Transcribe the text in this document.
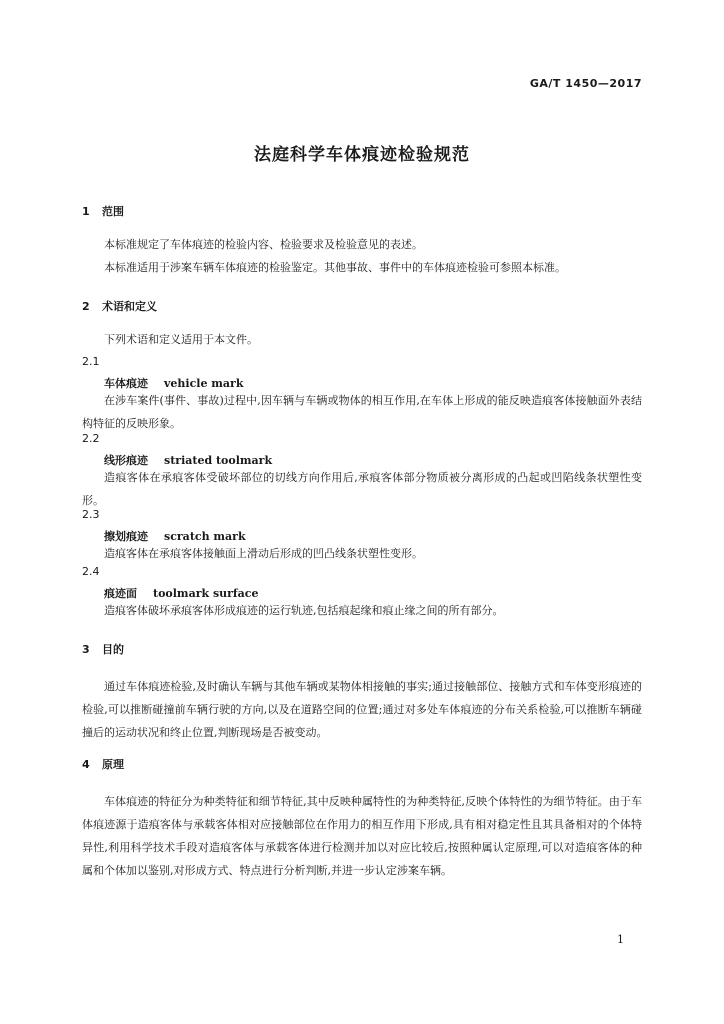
GA/T 1450—2017
法庭科学车体痕迹检验规范
1 范围
本标准规定了车体痕迹的检验内容、检验要求及检验意见的表述。
本标准适用于涉案车辆车体痕迹的检验鉴定。其他事故、事件中的车体痕迹检验可参照本标准。
2 术语和定义
下列术语和定义适用于本文件。
2.1
车体痕迹 vehicle mark
在涉车案件(事件、事故)过程中,因车辆与车辆或物体的相互作用,在车体上形成的能反映造痕客体接触面外表结构特征的反映形象。
2.2
线形痕迹 striated toolmark
造痕客体在承痕客体受破坏部位的切线方向作用后,承痕客体部分物质被分离形成的凸起或凹陷线条状塑性变形。
2.3
擦划痕迹 scratch mark
造痕客体在承痕客体接触面上滑动后形成的凹凸线条状塑性变形。
2.4
痕迹面 toolmark surface
造痕客体破坏承痕客体形成痕迹的运行轨迹,包括痕起缘和痕止缘之间的所有部分。
3 目的
通过车体痕迹检验,及时确认车辆与其他车辆或某物体相接触的事实;通过接触部位、接触方式和车体变形痕迹的检验,可以推断碰撞前车辆行驶的方向,以及在道路空间的位置;通过对多处车体痕迹的分布关系检验,可以推断车辆碰撞后的运动状况和终止位置,判断现场是否被变动。
4 原理
车体痕迹的特征分为种类特征和细节特征,其中反映种属特性的为种类特征,反映个体特性的为细节特征。由于车体痕迹源于造痕客体与承载客体相对应接触部位在作用力的相互作用下形成,具有相对稳定性且其具备相对的个体特异性,利用科学技术手段对造痕客体与承载客体进行检测并加以对应比较后,按照种属认定原理,可以对造痕客体的种属和个体加以鉴别,对形成方式、特点进行分析判断,并进一步认定涉案车辆。
1
